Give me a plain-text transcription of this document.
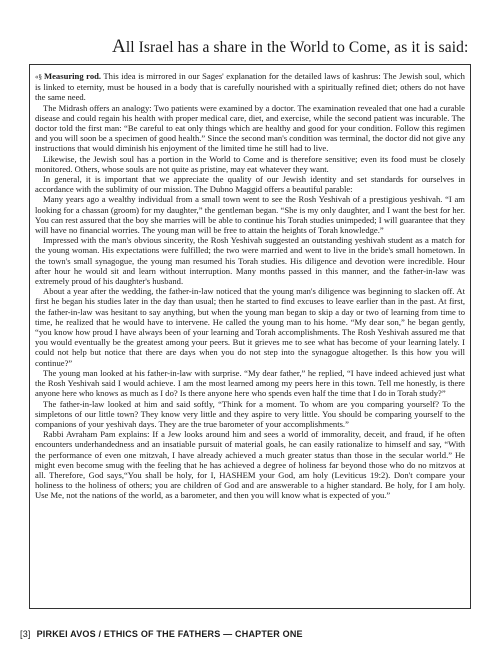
All Israel has a share in the World to Come, as it is said:

«§ Measuring rod. This idea is mirrored in our Sages' explanation for the detailed laws of kashrus: The Jewish soul, which is linked to eternity, must be housed in a body that is carefully nourished with a spiritually refined diet; others do not have the same need.

The Midrash offers an analogy: Two patients were examined by a doctor. The examination revealed that one had a curable disease and could regain his health with proper medical care, diet, and exercise, while the second patient was incurable. The doctor told the first man: “Be careful to eat only things which are healthy and good for your condition. Follow this regimen and you will soon be a specimen of good health.” Since the second man's condition was terminal, the doctor did not give any instructions that would diminish his enjoyment of the limited time he still had to live.

Likewise, the Jewish soul has a portion in the World to Come and is therefore sensitive; even its food must be closely monitored. Others, whose souls are not quite as pristine, may eat whatever they want.

In general, it is important that we appreciate the quality of our Jewish identity and set standards for ourselves in accordance with the sublimity of our mission. The Dubno Maggid offers a beautiful parable:

Many years ago a wealthy individual from a small town went to see the Rosh Yeshivah of a prestigious yeshivah. “I am looking for a chassan (groom) for my daughter,” the gentleman began. “She is my only daughter, and I want the best for her. You can rest assured that the boy she marries will be able to continue his Torah studies unimpeded; I will guarantee that they will have no financial worries. The young man will be free to attain the heights of Torah knowledge.”

Impressed with the man's obvious sincerity, the Rosh Yeshivah suggested an outstanding yeshivah student as a match for the young woman. His expectations were fulfilled; the two were married and went to live in the bride's small hometown. In the town's small synagogue, the young man resumed his Torah studies. His diligence and devotion were incredible. Hour after hour he would sit and learn without interruption. Many months passed in this manner, and the father-in-law was extremely proud of his daughter's husband.

About a year after the wedding, the father-in-law noticed that the young man's diligence was beginning to slacken off. At first he began his studies later in the day than usual; then he started to find excuses to leave earlier than in the past. At first, the father-in-law was hesitant to say anything, but when the young man began to skip a day or two of learning from time to time, he realized that he would have to intervene. He called the young man to his home. “My dear son,” he began gently, “you know how proud I have always been of your learning and Torah accomplishments. The Rosh Yeshivah assured me that you would eventually be the greatest among your peers. But it grieves me to see what has become of your learning lately. I could not help but notice that there are days when you do not step into the synagogue altogether. Is this how you will continue?”

The young man looked at his father-in-law with surprise. “My dear father,” he replied, “I have indeed achieved just what the Rosh Yeshivah said I would achieve. I am the most learned among my peers here in this town. Tell me honestly, is there anyone here who knows as much as I do? Is there anyone here who spends even half the time that I do in Torah study?”

The father-in-law looked at him and said softly, “Think for a moment. To whom are you comparing yourself? To the simpletons of our little town? They know very little and they aspire to very little. You should be comparing yourself to the companions of your yeshivah days. They are the true barometer of your accomplishments.”

Rabbi Avraham Pam explains: If a Jew looks around him and sees a world of immorality, deceit, and fraud, if he often encounters underhandedness and an insatiable pursuit of material goals, he can easily rationalize to himself and say, “With the performance of even one mitzvah, I have already achieved a much greater status than those in the secular world.” He might even become smug with the feeling that he has achieved a degree of holiness far beyond those who do no mitzvos at all. Therefore, God says,“You shall be holy, for I, HASHEM your God, am holy (Leviticus 19:2). Don't compare your holiness to the holiness of others; you are children of God and are answerable to a higher standard. Be holy, for I am holy. Use Me, not the nations of the world, as a barometer, and then you will know what is expected of you.”

[3] PIRKEI AVOS / ETHICS OF THE FATHERS — CHAPTER ONE
